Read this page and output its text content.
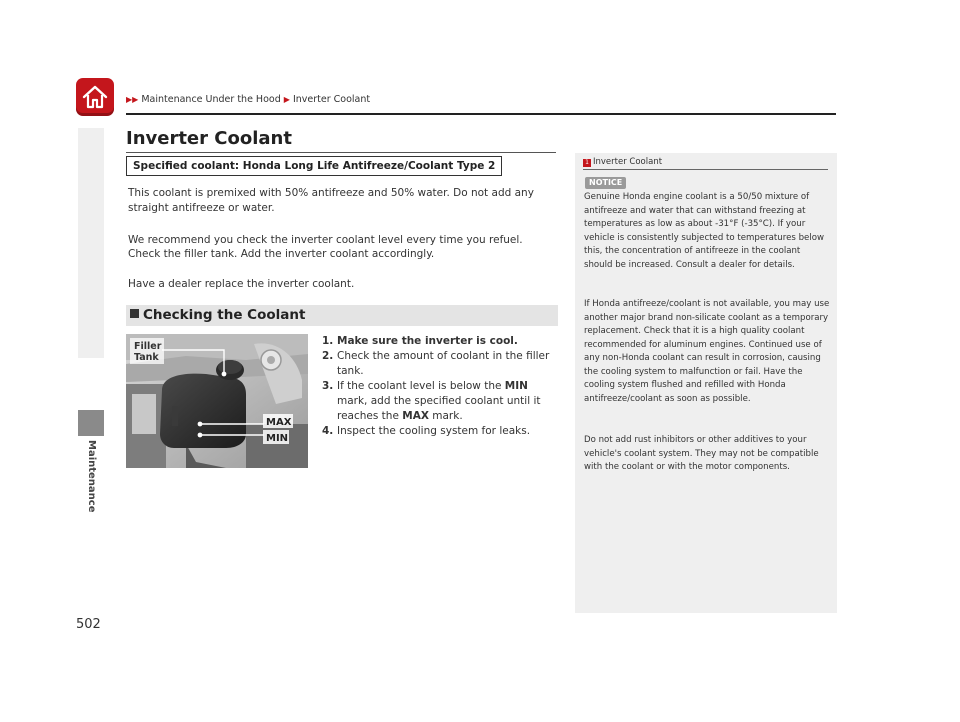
Maintenance
▶▶ Maintenance Under the Hood ▶ Inverter Coolant
Inverter Coolant
Specified coolant: Honda Long Life Antifreeze/Coolant Type 2

This coolant is premixed with 50% antifreeze and 50% water. Do not add any straight antifreeze or water.

We recommend you check the inverter coolant level every time you refuel. Check the filler tank. Add the inverter coolant accordingly.

Have a dealer replace the inverter coolant.

Checking the Coolant
Filler
Tank
MAX
MIN
1. Make sure the inverter is cool.
2. Check the amount of coolant in the filler tank.
3. If the coolant level is below the MIN mark, add the specified coolant until it reaches the MAX mark.
4. Inspect the cooling system for leaks.
1 Inverter Coolant
NOTICE

Genuine Honda engine coolant is a 50/50 mixture of antifreeze and water that can withstand freezing at temperatures as low as about -31°F (-35°C). If your vehicle is consistently subjected to temperatures below this, the concentration of antifreeze in the coolant should be increased. Consult a dealer for details.

If Honda antifreeze/coolant is not available, you may use another major brand non-silicate coolant as a temporary replacement. Check that it is a high quality coolant recommended for aluminum engines. Continued use of any non-Honda coolant can result in corrosion, causing the cooling system to malfunction or fail. Have the cooling system flushed and refilled with Honda antifreeze/coolant as soon as possible.

Do not add rust inhibitors or other additives to your vehicle's coolant system. They may not be compatible with the coolant or with the motor components.

502
